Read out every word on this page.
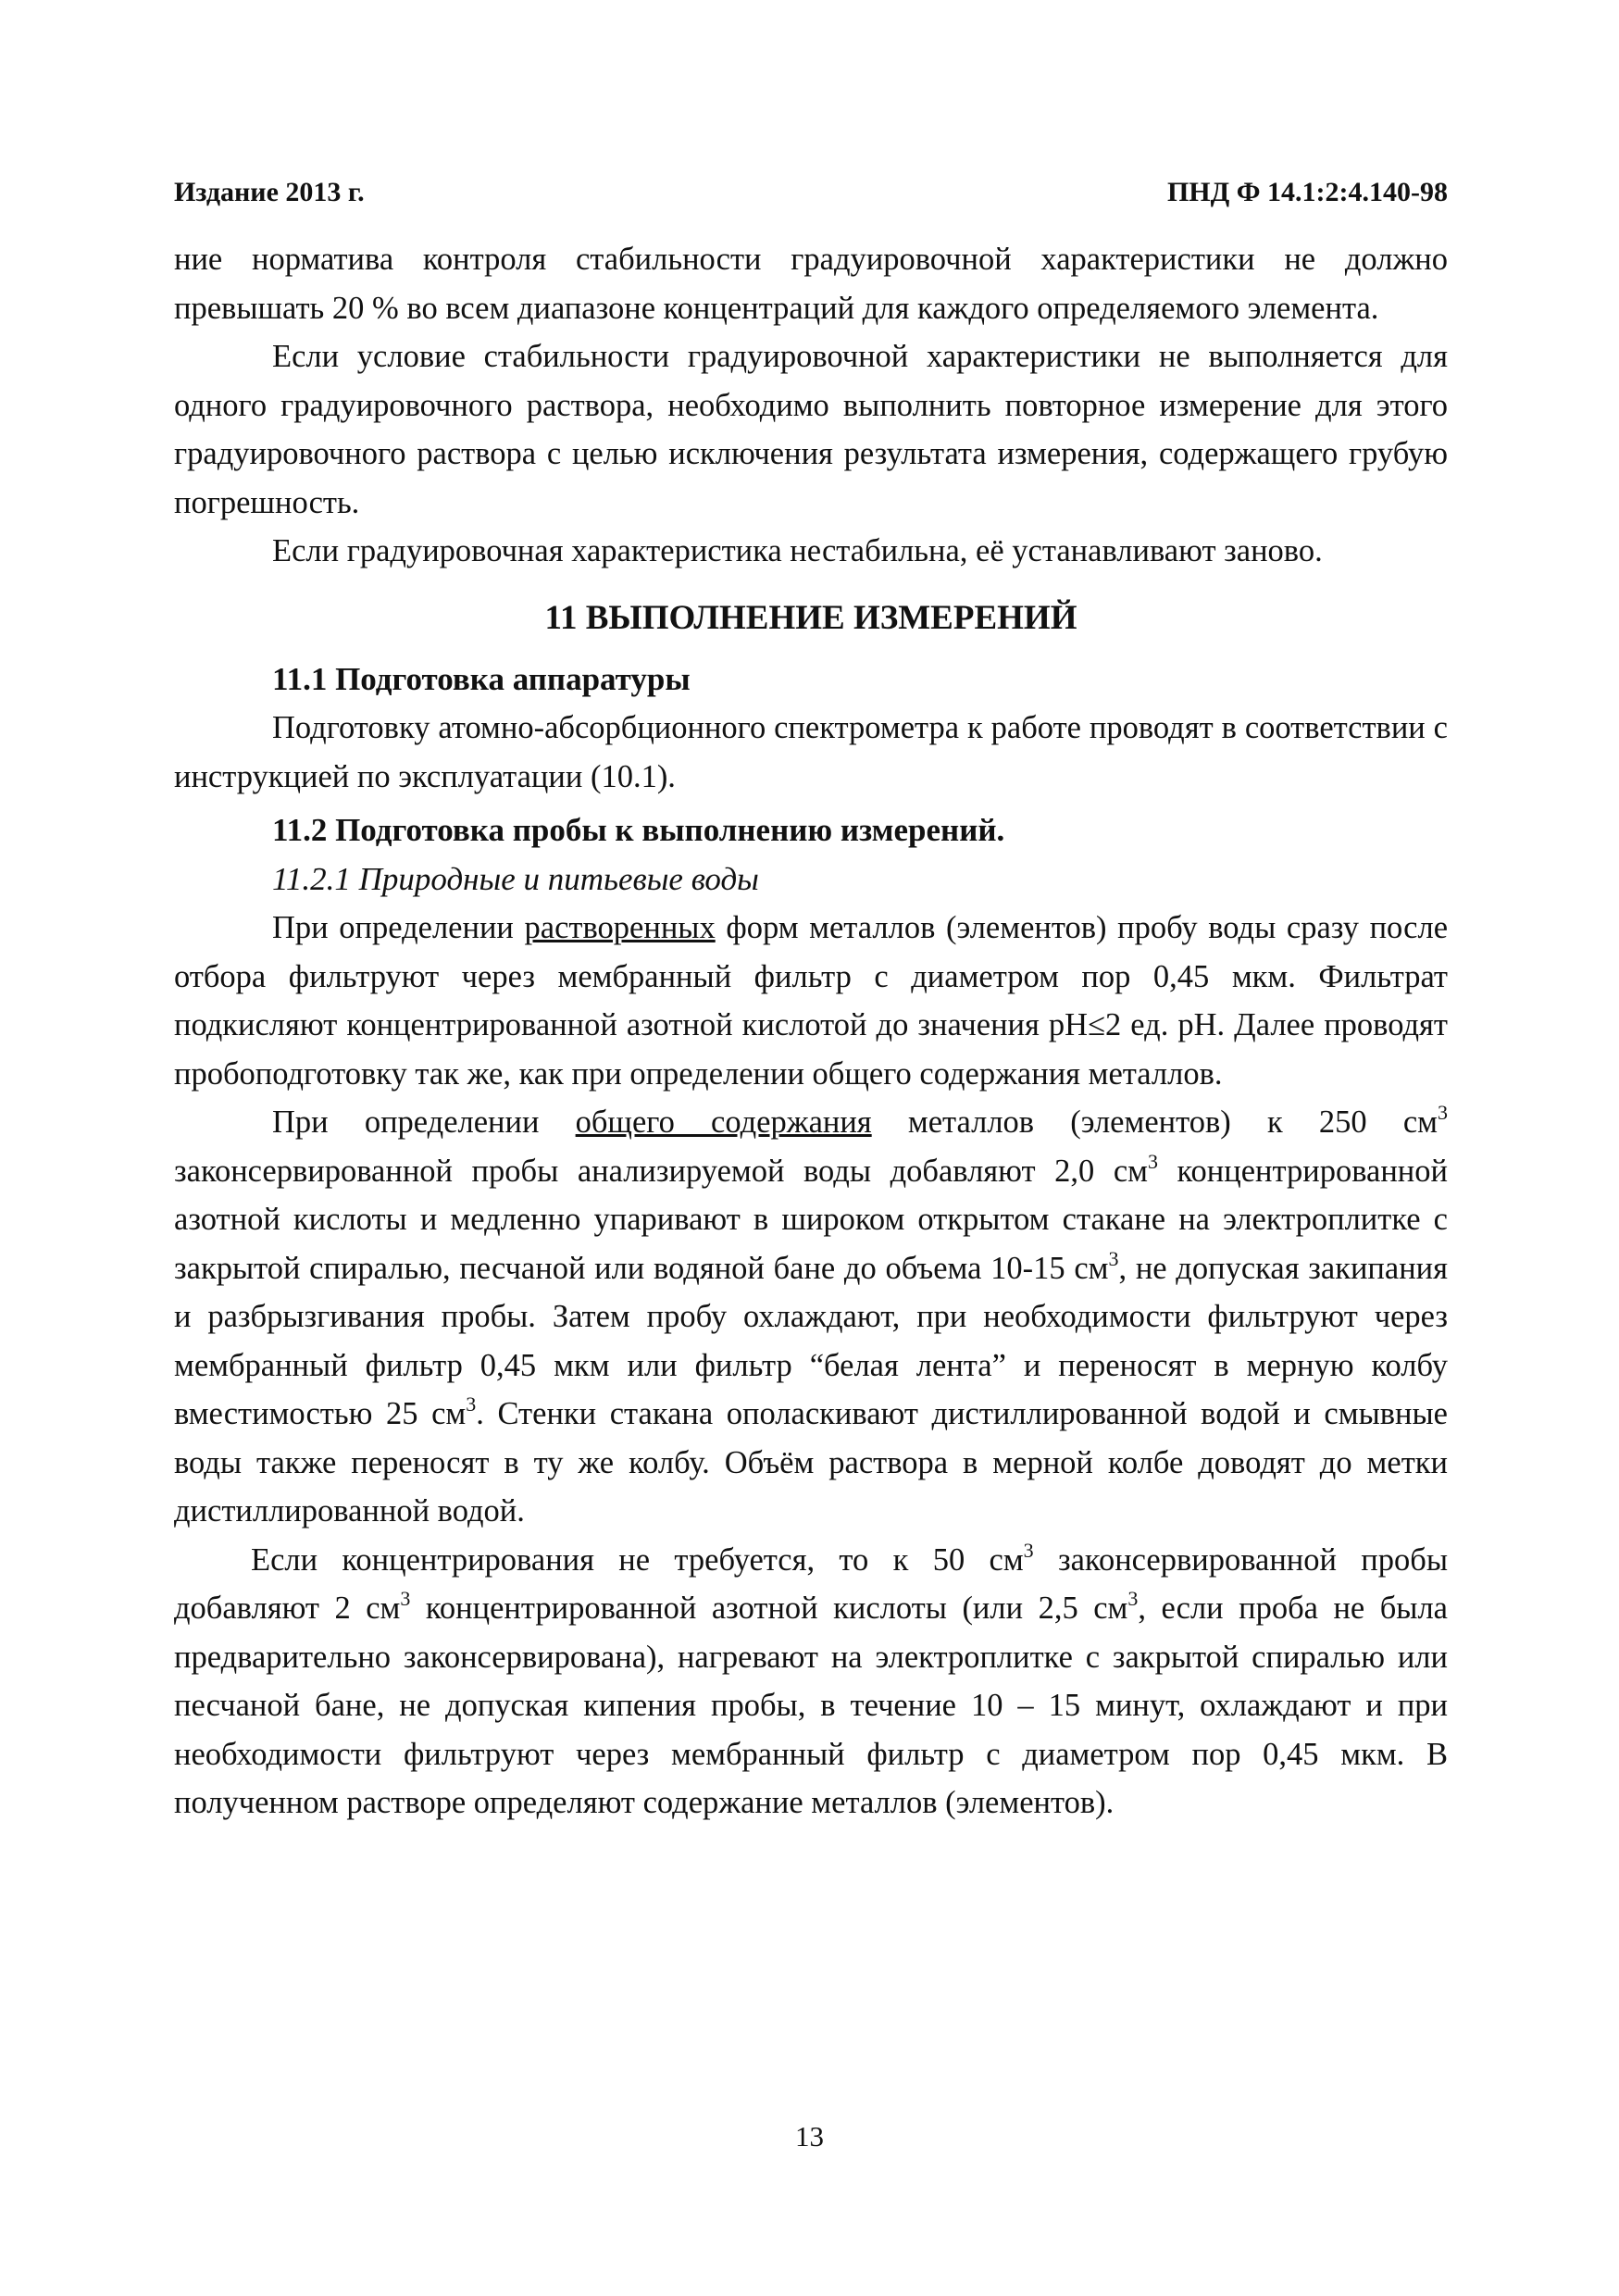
Издание 2013 г.	ПНД Ф 14.1:2:4.140-98

ние норматива контроля стабильности градуировочной характеристики не должно превышать 20 % во всем диапазоне концентраций для каждого определяемого элемента.

Если условие стабильности градуировочной характеристики не выполняется для одного градуировочного раствора, необходимо выполнить повторное измерение для этого градуировочного раствора с целью исключения результата измерения, содержащего грубую погрешность.

Если градуировочная характеристика нестабильна, её устанавливают заново.

11 ВЫПОЛНЕНИЕ ИЗМЕРЕНИЙ
11.1 Подготовка аппаратуры

Подготовку атомно-абсорбционного спектрометра к работе проводят в соответствии с инструкцией по эксплуатации (10.1).

11.2 Подготовка пробы к выполнению измерений.
11.2.1 Природные и питьевые воды

При определении растворенных форм металлов (элементов) пробу воды сразу после отбора фильтруют через мембранный фильтр с диаметром пор 0,45 мкм. Фильтрат подкисляют концентрированной азотной кислотой до значения pH≤2 ед. pH. Далее проводят пробоподготовку так же, как при определении общего содержания металлов.

При определении общего содержания металлов (элементов) к 250 $см^3$ законсервированной пробы анализируемой воды добавляют 2,0 $см^3$ концентрированной азотной кислоты и медленно упаривают в широком открытом стакане на электроплитке с закрытой спиралью, песчаной или водяной бане до объема 10-15 $см^3$, не допуская закипания и разбрызгивания пробы. Затем пробу охлаждают, при необходимости фильтруют через мембранный фильтр 0,45 мкм или фильтр “белая лента” и переносят в мерную колбу вместимостью 25 $см^3$. Стенки стакана ополаскивают дистиллированной водой и смывные воды также переносят в ту же колбу. Объём раствора в мерной колбе доводят до метки дистиллированной водой.

Если концентрирования не требуется, то к 50 $см^3$ законсервированной пробы добавляют 2 $см^3$ концентрированной азотной кислоты (или 2,5 $см^3$, если проба не была предварительно законсервирована), нагревают на электроплитке с закрытой спиралью или песчаной бане, не допуская кипения пробы, в течение 10 – 15 минут, охлаждают и при необходимости фильтруют через мембранный фильтр с диаметром пор 0,45 мкм. В полученном растворе определяют содержание металлов (элементов).

13
